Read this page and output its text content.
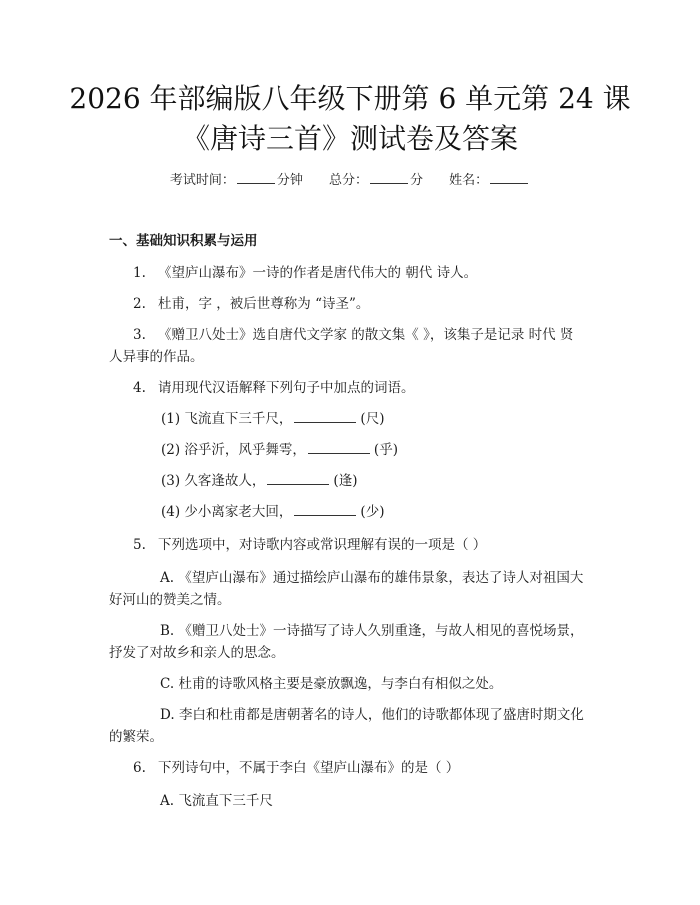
2026 年部编版八年级下册第 6 单元第 24 课
《唐诗三首》测试卷及答案
考试时间：	分钟 总分：	分 姓名：
一、基础知识积累与运用
1. 《望庐山瀑布》一诗的作者是唐代伟大的 朝代 诗人。
2. 杜甫，字 ，被后世尊称为 “诗圣”。
3. 《赠卫八处士》选自唐代文学家 的散文集《 》，该集子是记录 时代 贤
人异事的作品。
4. 请用现代汉语解释下列句子中加点的词语。
(1) 飞流直下三千尺，	(尺)
(2) 浴乎沂，风乎舞雩，	(乎)
(3) 久客逢故人，	(逢)
(4) 少小离家老大回，	(少)
5. 下列选项中，对诗歌内容或常识理解有误的一项是（ ）
A. 《望庐山瀑布》通过描绘庐山瀑布的雄伟景象，表达了诗人对祖国大
好河山的赞美之情。
B. 《赠卫八处士》一诗描写了诗人久别重逢，与故人相见的喜悦场景，
抒发了对故乡和亲人的思念。
C. 杜甫的诗歌风格主要是豪放飘逸，与李白有相似之处。
D. 李白和杜甫都是唐朝著名的诗人，他们的诗歌都体现了盛唐时期文化
的繁荣。
6. 下列诗句中，不属于李白《望庐山瀑布》的是（ ）
A. 飞流直下三千尺
